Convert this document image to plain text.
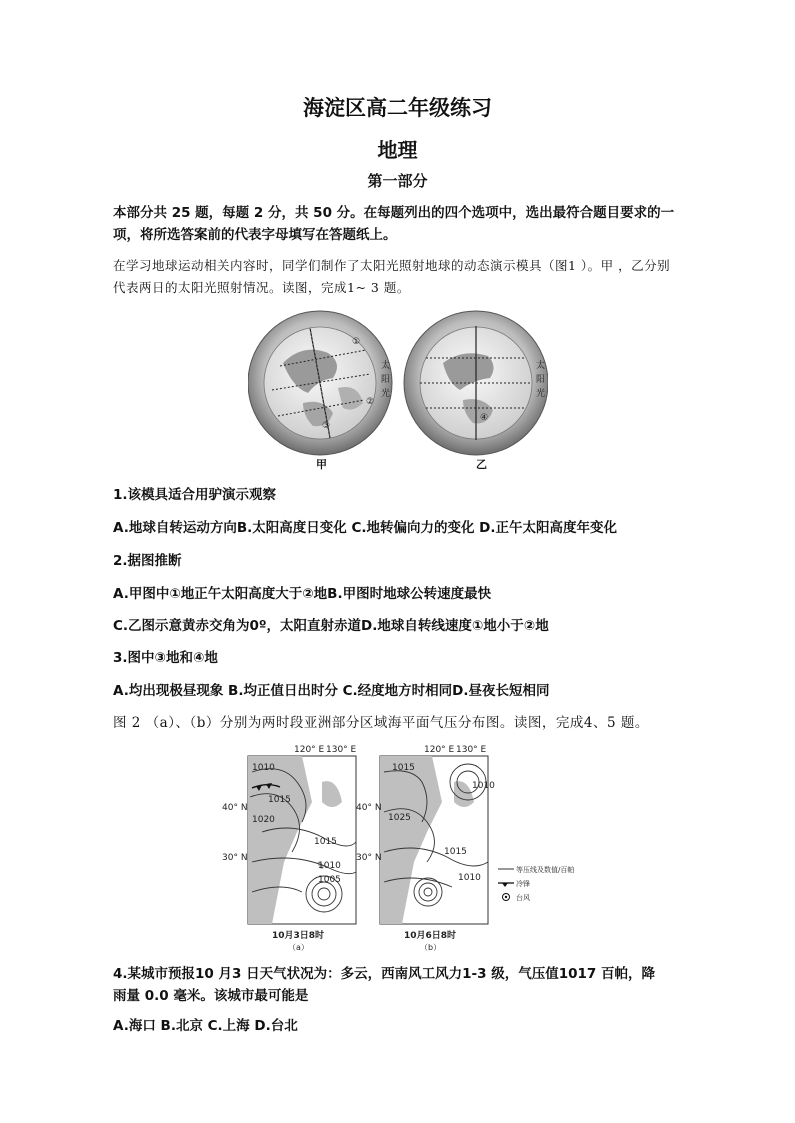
海淀区高二年级练习
地理
第一部分
本部分共 25 题，每题 2 分，共 50 分。在每题列出的四个选项中，选出最符合题目要求的一项，将所选答案前的代表字母填写在答题纸上。
在学习地球运动相关内容时，同学们制作了太阳光照射地球的动态演示模具（图1 ）。甲 ，乙分别代表两日的太阳光照射情况。读图，完成1~ 3 题。
①
②
③
④
太
阳
光
太
阳
光
甲	乙
1.该模具适合用驴演示观察
A.地球自转运动方向B.太阳高度日变化 C.地转偏向力的变化 D.正午太阳高度年变化
2.据图推断
A.甲图中①地正午太阳高度大于②地B.甲图时地球公转速度最快
C.乙图示意黄赤交角为0º，太阳直射赤道D.地球自转线速度①地小于②地
3.图中③地和④地
A.均出现极昼现象 B.均正值日出时分 C.经度地方时相同D.昼夜长短相同
图 2 （a）、（b）分别为两时段亚洲部分区域海平面气压分布图。读图，完成4、5 题。
1010
1015
1020
1015
1010
1005
1015
1025
1015
1010
1010
120° E 130° E	120° E 130° E
40° N
30° N
40° N
30° N
等压线及数值/百帕
冷锋
台风
10月3日8时
（a）
10月6日8时
（b）
4.某城市预报10 月3 日天气状况为：多云，西南风工风力1-3 级，气压值1017 百帕，降
雨量 0.0 毫米。该城市最可能是
A.海口 B.北京 C.上海 D.台北
